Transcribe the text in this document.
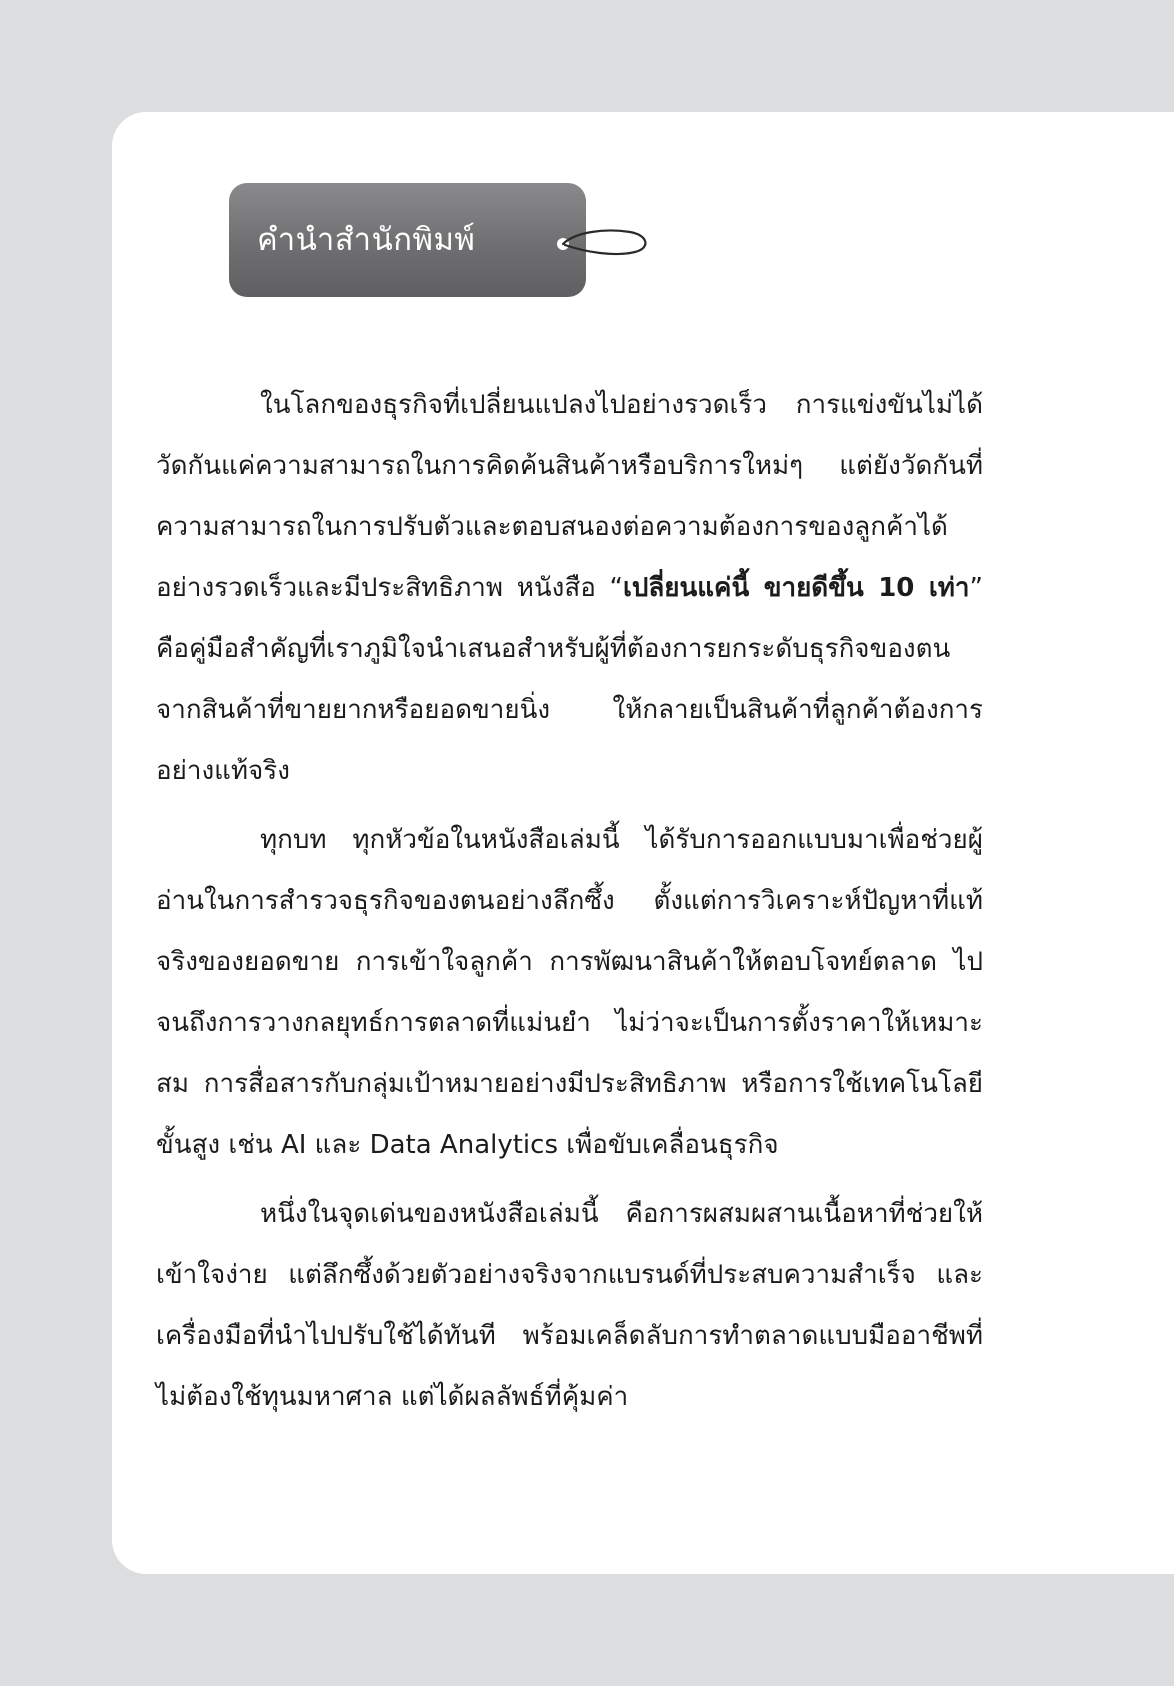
คำนำสำนักพิมพ์

ในโลกของธุรกิจที่เปลี่ยนแปลงไปอย่างรวดเร็ว การแข่งขันไม่ได้วัดกันแค่ความสามารถในการคิดค้นสินค้าหรือบริการใหม่ๆ แต่ยังวัดกันที่ความสามารถในการปรับตัวและตอบสนองต่อความต้องการของลูกค้าได้อย่างรวดเร็วและมีประสิทธิภาพ หนังสือ “เปลี่ยนแค่นี้ ขายดีขึ้น 10 เท่า” คือคู่มือสำคัญที่เราภูมิใจนำเสนอสำหรับผู้ที่ต้องการยกระดับธุรกิจของตนจากสินค้าที่ขายยากหรือยอดขายนิ่ง ให้กลายเป็นสินค้าที่ลูกค้าต้องการอย่างแท้จริง

ทุกบท ทุกหัวข้อในหนังสือเล่มนี้ ได้รับการออกแบบมาเพื่อช่วยผู้อ่านในการสำรวจธุรกิจของตนอย่างลึกซึ้ง ตั้งแต่การวิเคราะห์ปัญหาที่แท้จริงของยอดขาย การเข้าใจลูกค้า การพัฒนาสินค้าให้ตอบโจทย์ตลาด ไปจนถึงการวางกลยุทธ์การตลาดที่แม่นยำ ไม่ว่าจะเป็นการตั้งราคาให้เหมาะสม การสื่อสารกับกลุ่มเป้าหมายอย่างมีประสิทธิภาพ หรือการใช้เทคโนโลยีขั้นสูง เช่น AI และ Data Analytics เพื่อขับเคลื่อนธุรกิจ

หนึ่งในจุดเด่นของหนังสือเล่มนี้ คือการผสมผสานเนื้อหาที่ช่วยให้เข้าใจง่าย แต่ลึกซึ้งด้วยตัวอย่างจริงจากแบรนด์ที่ประสบความสำเร็จ และเครื่องมือที่นำไปปรับใช้ได้ทันที พร้อมเคล็ดลับการทำตลาดแบบมืออาชีพที่ไม่ต้องใช้ทุนมหาศาล แต่ได้ผลลัพธ์ที่คุ้มค่า
